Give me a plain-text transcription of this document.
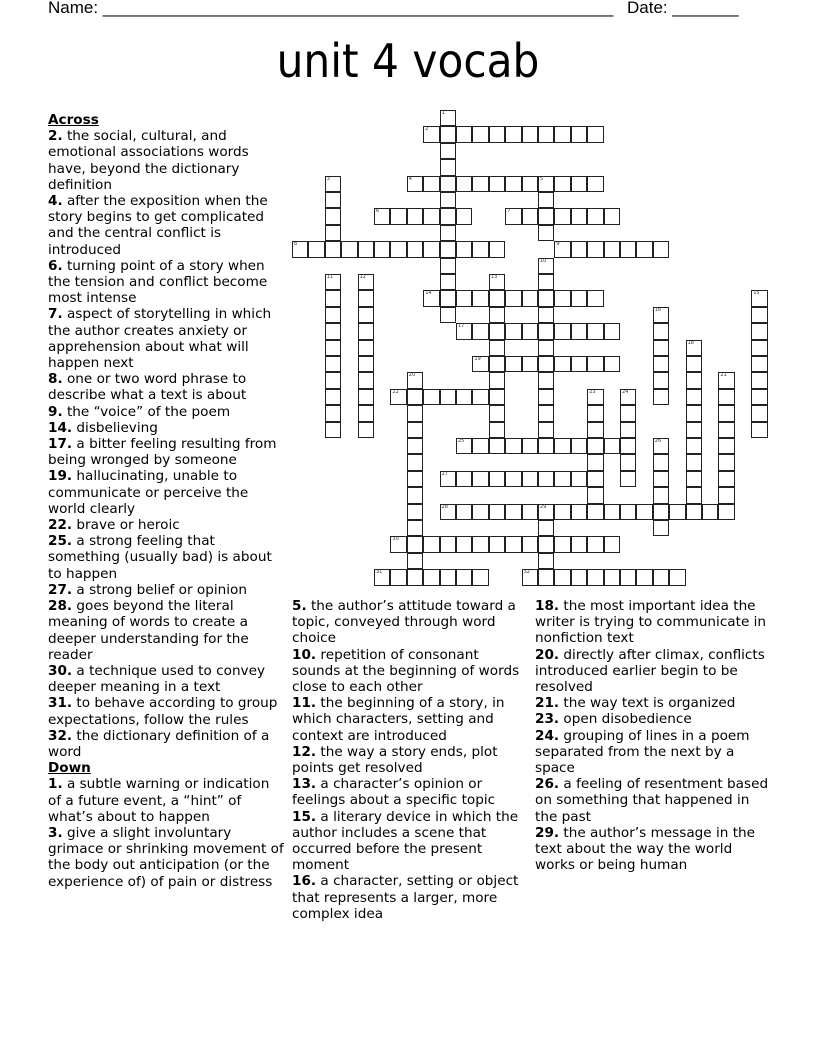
Name: ______________________________________________________ Date: _______
unit 4 vocab
1
2
3	4	5
6	7
8	9
10
11	12	13
14	15
16
17
18
19
20	21
22	23	24
25	26
27
28	29
30
31	32
Across
2. the social, cultural, and emotional associations words have, beyond the dictionary definition
4. after the exposition when the story begins to get complicated and the central conflict is introduced
6. turning point of a story when the tension and conflict become most intense
7. aspect of storytelling in which the author creates anxiety or apprehension about what will happen next
8. one or two word phrase to describe what a text is about
9. the “voice” of the poem
14. disbelieving
17. a bitter feeling resulting from being wronged by someone
19. hallucinating, unable to communicate or perceive the world clearly
22. brave or heroic
25. a strong feeling that something (usually bad) is about to happen
27. a strong belief or opinion
28. goes beyond the literal meaning of words to create a deeper understanding for the reader
30. a technique used to convey deeper meaning in a text
31. to behave according to group expectations, follow the rules
32. the dictionary definition of a word
Down
1. a subtle warning or indication of a future event, a “hint” of what’s about to happen
3. give a slight involuntary grimace or shrinking movement of the body out anticipation (or the experience of) of pain or distress
5. the author’s attitude toward a topic, conveyed through word choice
10. repetition of consonant sounds at the beginning of words close to each other
11. the beginning of a story, in which characters, setting and context are introduced
12. the way a story ends, plot points get resolved
13. a character’s opinion or feelings about a specific topic
15. a literary device in which the author includes a scene that occurred before the present moment
16. a character, setting or object that represents a larger, more complex idea
18. the most important idea the writer is trying to communicate in nonfiction text
20. directly after climax, conflicts introduced earlier begin to be resolved
21. the way text is organized
23. open disobedience
24. grouping of lines in a poem separated from the next by a space
26. a feeling of resentment based on something that happened in the past
29. the author’s message in the text about the way the world works or being human
